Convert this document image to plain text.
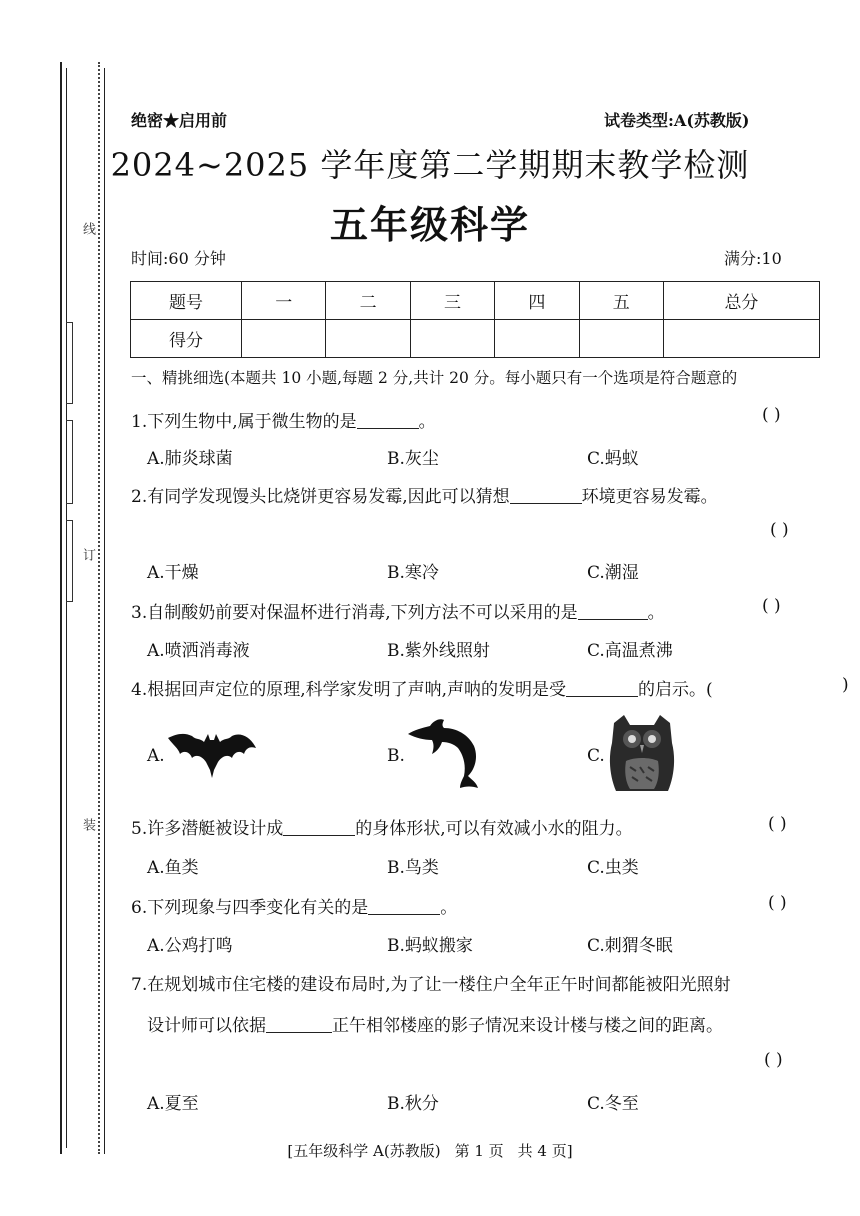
线
订
装
绝密★启用前	试卷类型:A(苏教版)
2024~2025 学年度第二学期期末教学检测
五年级科学
时间:60 分钟	满分:10
题号	一	二	三	四	五	总分
得分						
一、精挑细选(本题共 10 小题,每题 2 分,共计 20 分。每小题只有一个选项是符合题意的
1.下列生物中,属于微生物的是	。	( )
A.肺炎球菌	B.灰尘	C.蚂蚁
2.有同学发现馒头比烧饼更容易发霉,因此可以猜想	环境更容易发霉。
( )
A.干燥	B.寒冷	C.潮湿
3.自制酸奶前要对保温杯进行消毒,下列方法不可以采用的是	。	( )
A.喷洒消毒液	B.紫外线照射	C.高温煮沸
4.根据回声定位的原理,科学家发明了声呐,声呐的发明是受	的启示。(	)
A.	B.	C.
5.许多潜艇被设计成	的身体形状,可以有效减小水的阻力。	( )
A.鱼类	B.鸟类	C.虫类
6.下列现象与四季变化有关的是	。	( )
A.公鸡打鸣	B.蚂蚁搬家	C.刺猬冬眠
7.在规划城市住宅楼的建设布局时,为了让一楼住户全年正午时间都能被阳光照射
设计师可以依据	正午相邻楼座的影子情况来设计楼与楼之间的距离。
( )
A.夏至	B.秋分	C.冬至
[五年级科学 A(苏教版) 第 1 页 共 4 页]
